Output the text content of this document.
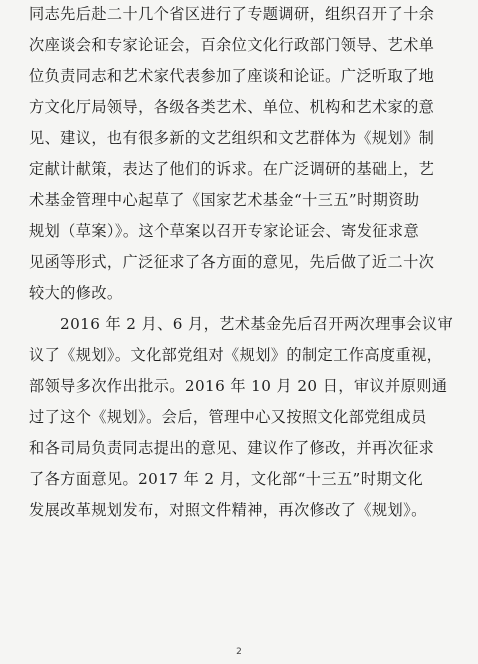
同志先后赴二十几个省区进行了专题调研，组织召开了十余
次座谈会和专家论证会，百余位文化行政部门领导、艺术单
位负责同志和艺术家代表参加了座谈和论证。广泛听取了地
方文化厅局领导，各级各类艺术、单位、机构和艺术家的意
见、建议，也有很多新的文艺组织和文艺群体为《规划》制
定献计献策，表达了他们的诉求。在广泛调研的基础上，艺
术基金管理中心起草了《国家艺术基金“十三五”时期资助
规划（草案）》。这个草案以召开专家论证会、寄发征求意
见函等形式，广泛征求了各方面的意见，先后做了近二十次
较大的修改。
2016 年 2 月、6 月，艺术基金先后召开两次理事会议审
议了《规划》。文化部党组对《规划》的制定工作高度重视，
部领导多次作出批示。2016 年 10 月 20 日，审议并原则通
过了这个《规划》。会后，管理中心又按照文化部党组成员
和各司局负责同志提出的意见、建议作了修改，并再次征求
了各方面意见。2017 年 2 月，文化部“十三五”时期文化
发展改革规划发布，对照文件精神，再次修改了《规划》。
2
